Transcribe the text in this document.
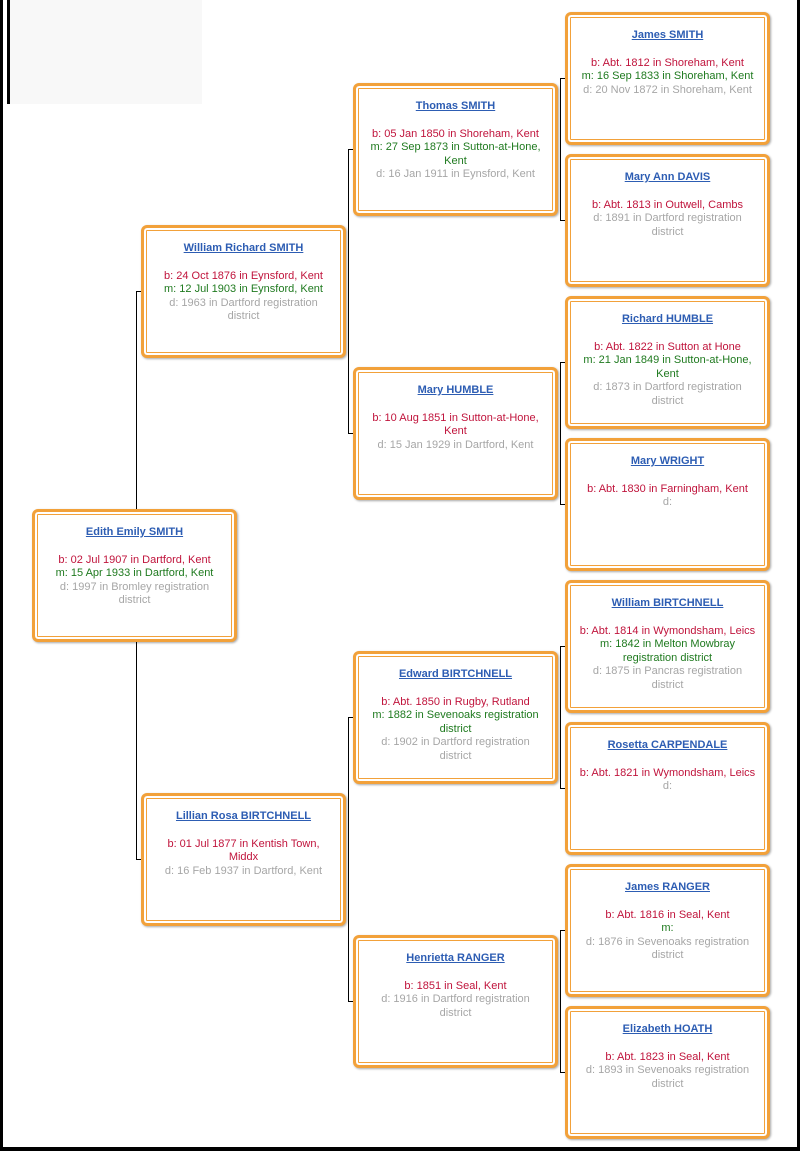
Edith Emily SMITH
b: 02 Jul 1907 in Dartford, Kent
m: 15 Apr 1933 in Dartford, Kent
d: 1997 in Bromley registration district
William Richard SMITH
b: 24 Oct 1876 in Eynsford, Kent
m: 12 Jul 1903 in Eynsford, Kent
d: 1963 in Dartford registration district
Lillian Rosa BIRTCHNELL
b: 01 Jul 1877 in Kentish Town, Middx
d: 16 Feb 1937 in Dartford, Kent
Thomas SMITH
b: 05 Jan 1850 in Shoreham, Kent
m: 27 Sep 1873 in Sutton-at-Hone, Kent
d: 16 Jan 1911 in Eynsford, Kent
Mary HUMBLE
b: 10 Aug 1851 in Sutton-at-Hone, Kent
d: 15 Jan 1929 in Dartford, Kent
Edward BIRTCHNELL
b: Abt. 1850 in Rugby, Rutland
m: 1882 in Sevenoaks registration district
d: 1902 in Dartford registration district
Henrietta RANGER
b: 1851 in Seal, Kent
d: 1916 in Dartford registration district
James SMITH
b: Abt. 1812 in Shoreham, Kent
m: 16 Sep 1833 in Shoreham, Kent
d: 20 Nov 1872 in Shoreham, Kent
Mary Ann DAVIS
b: Abt. 1813 in Outwell, Cambs
d: 1891 in Dartford registration district
Richard HUMBLE
b: Abt. 1822 in Sutton at Hone
m: 21 Jan 1849 in Sutton-at-Hone, Kent
d: 1873 in Dartford registration district
Mary WRIGHT
b: Abt. 1830 in Farningham, Kent
d:
William BIRTCHNELL
b: Abt. 1814 in Wymondsham, Leics
m: 1842 in Melton Mowbray registration district
d: 1875 in Pancras registration district
Rosetta CARPENDALE
b: Abt. 1821 in Wymondsham, Leics
d:
James RANGER
b: Abt. 1816 in Seal, Kent
m:
d: 1876 in Sevenoaks registration district
Elizabeth HOATH
b: Abt. 1823 in Seal, Kent
d: 1893 in Sevenoaks registration district
